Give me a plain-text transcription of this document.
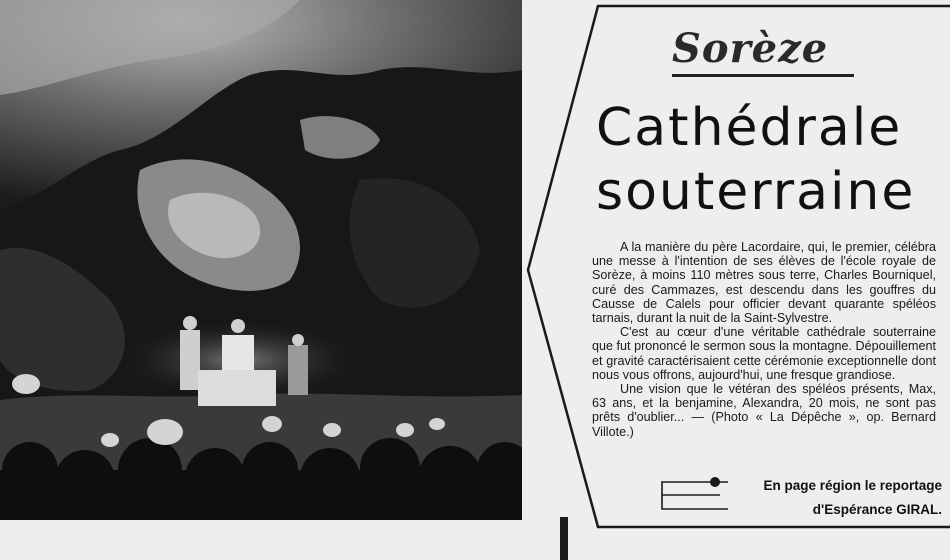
Sorèze
Cathédrale
souterraine

A la manière du père Lacordaire, qui, le premier, célébra une messe à l'intention de ses élèves de l'école royale de Sorèze, à moins 110 mètres sous terre, Charles Bourniquel, curé des Cammazes, est descendu dans les gouffres du Causse de Calels pour officier devant quarante spéléos tarnais, durant la nuit de la Saint-Sylvestre.

C'est au cœur d'une véritable cathédrale souterraine que fut prononcé le sermon sous la montagne. Dépouillement et gravité caractérisaient cette cérémonie exceptionnelle dont nous vous offrons, aujourd'hui, une fresque grandiose.

Une vision que le vétéran des spéléos présents, Max, 63 ans, et la benjamine, Alexandra, 20 mois, ne sont pas prêts d'oublier... — (Photo « La Dépêche », op. Bernard Villote.)

En page région le reportage
d'Espérance GIRAL.
